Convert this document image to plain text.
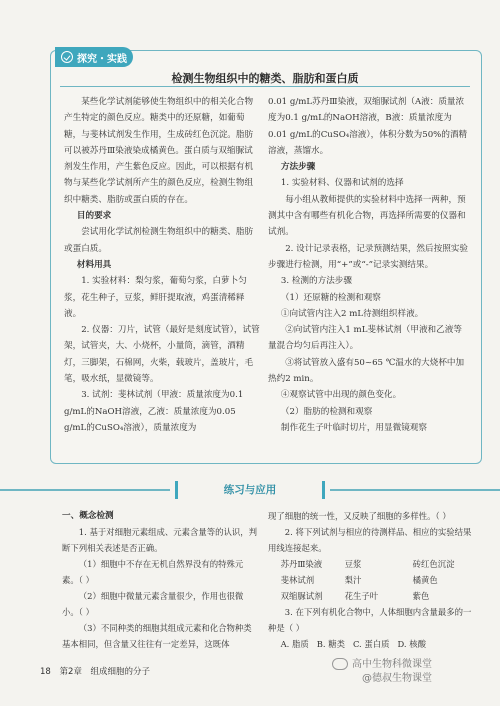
探究・实践
检测生物组织中的糖类、脂肪和蛋白质

某些化学试剂能够使生物组织中的相关化合物产生特定的颜色反应。糖类中的还原糖，如葡萄糖，与斐林试剂发生作用，生成砖红色沉淀。脂肪可以被苏丹Ⅲ染液染成橘黄色。蛋白质与双缩脲试剂发生作用，产生紫色反应。因此，可以根据有机物与某些化学试剂所产生的颜色反应，检测生物组织中糖类、脂肪或蛋白质的存在。

目的要求

尝试用化学试剂检测生物组织中的糖类、脂肪或蛋白质。

材料用具

1. 实验材料：梨匀浆，葡萄匀浆，白萝卜匀浆，花生种子，豆浆，鲜肝提取液，鸡蛋清稀释液。

2. 仪器：刀片，试管（最好是刻度试管），试管架，试管夹，大、小烧杯，小量筒，滴管，酒精灯，三脚架，石棉网，火柴，载玻片，盖玻片，毛笔，吸水纸，显微镜等。

3. 试剂：斐林试剂（甲液：质量浓度为0.1 g/mL的NaOH溶液，乙液：质量浓度为0.05 g/mL的CuSO₄溶液），质量浓度为

0.01 g/mL苏丹Ⅲ染液，双缩脲试剂（A液：质量浓度为0.1 g/mL的NaOH溶液，B液：质量浓度为0.01 g/mL的CuSO₄溶液），体积分数为50%的酒精溶液，蒸馏水。

方法步骤

1. 实验材料、仪器和试剂的选择

每小组从教师提供的实验材料中选择一两种，预测其中含有哪些有机化合物，再选择所需要的仪器和试剂。

2. 设计记录表格，记录预测结果，然后按照实验步骤进行检测，用“+”或“-”记录实测结果。

3. 检测的方法步骤

（1）还原糖的检测和观察

①向试管内注入2 mL待测组织样液。

②向试管内注入1 mL斐林试剂（甲液和乙液等量混合均匀后再注入）。

③将试管放入盛有50~65 ℃温水的大烧杯中加热约2 min。

④观察试管中出现的颜色变化。

（2）脂肪的检测和观察

制作花生子叶临时切片，用显微镜观察

练习与应用

一、概念检测

1. 基于对细胞元素组成、元素含量等的认识，判断下列相关表述是否正确。

（1）细胞中不存在无机自然界没有的特殊元素。（ ）

（2）细胞中微量元素含量很少，作用也很微小。（ ）

（3）不同种类的细胞其组成元素和化合物种类基本相同，但含量又往往有一定差异，这既体

现了细胞的统一性，又反映了细胞的多样性。（ ）

2. 将下列试剂与相应的待测样品、相应的实验结果用线连接起来。

苏丹Ⅲ染液	豆浆	砖红色沉淀
斐林试剂	梨汁	橘黄色
双缩脲试剂	花生子叶	紫色

3. 在下列有机化合物中，人体细胞内含量最多的一种是（ ）

A. 脂质 B. 糖类 C. 蛋白质 D. 核酸
18 第2章　组成细胞的分子
高中生物科微课堂
@德叔生物课堂
